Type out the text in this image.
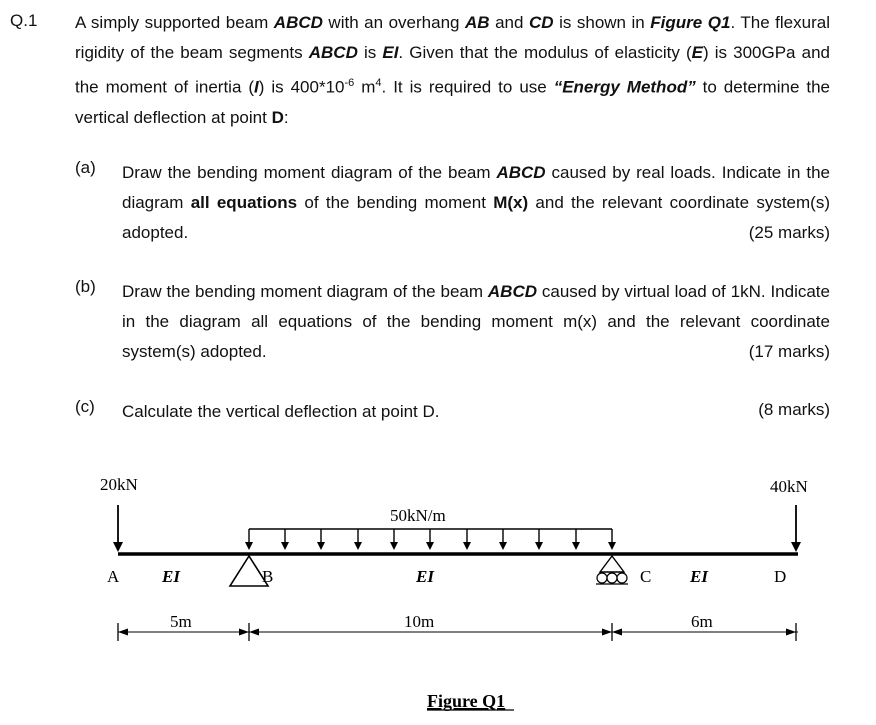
Q.1 A simply supported beam ABCD with an overhang AB and CD is shown in Figure Q1. The flexural rigidity of the beam segments ABCD is EI. Given that the modulus of elasticity (E) is 300GPa and the moment of inertia (I) is $400*10^{-6}$ $m^4$. It is required to use “Energy Method” to determine the vertical deflection at point D:
(a) Draw the bending moment diagram of the beam ABCD caused by real loads. Indicate in the diagram all equations of the bending moment M(x) and the relevant coordinate system(s) adopted.	(25 marks)
(b) Draw the bending moment diagram of the beam ABCD caused by virtual load of 1kN. Indicate in the diagram all equations of the bending moment m(x) and the relevant coordinate system(s) adopted.	(17 marks)
(c) Calculate the vertical deflection at point D.	(8 marks)
20kN	40kN
50kN/m
A	B	C	D
EI	EI	EI
5m	10m	6m
Figure Q1
